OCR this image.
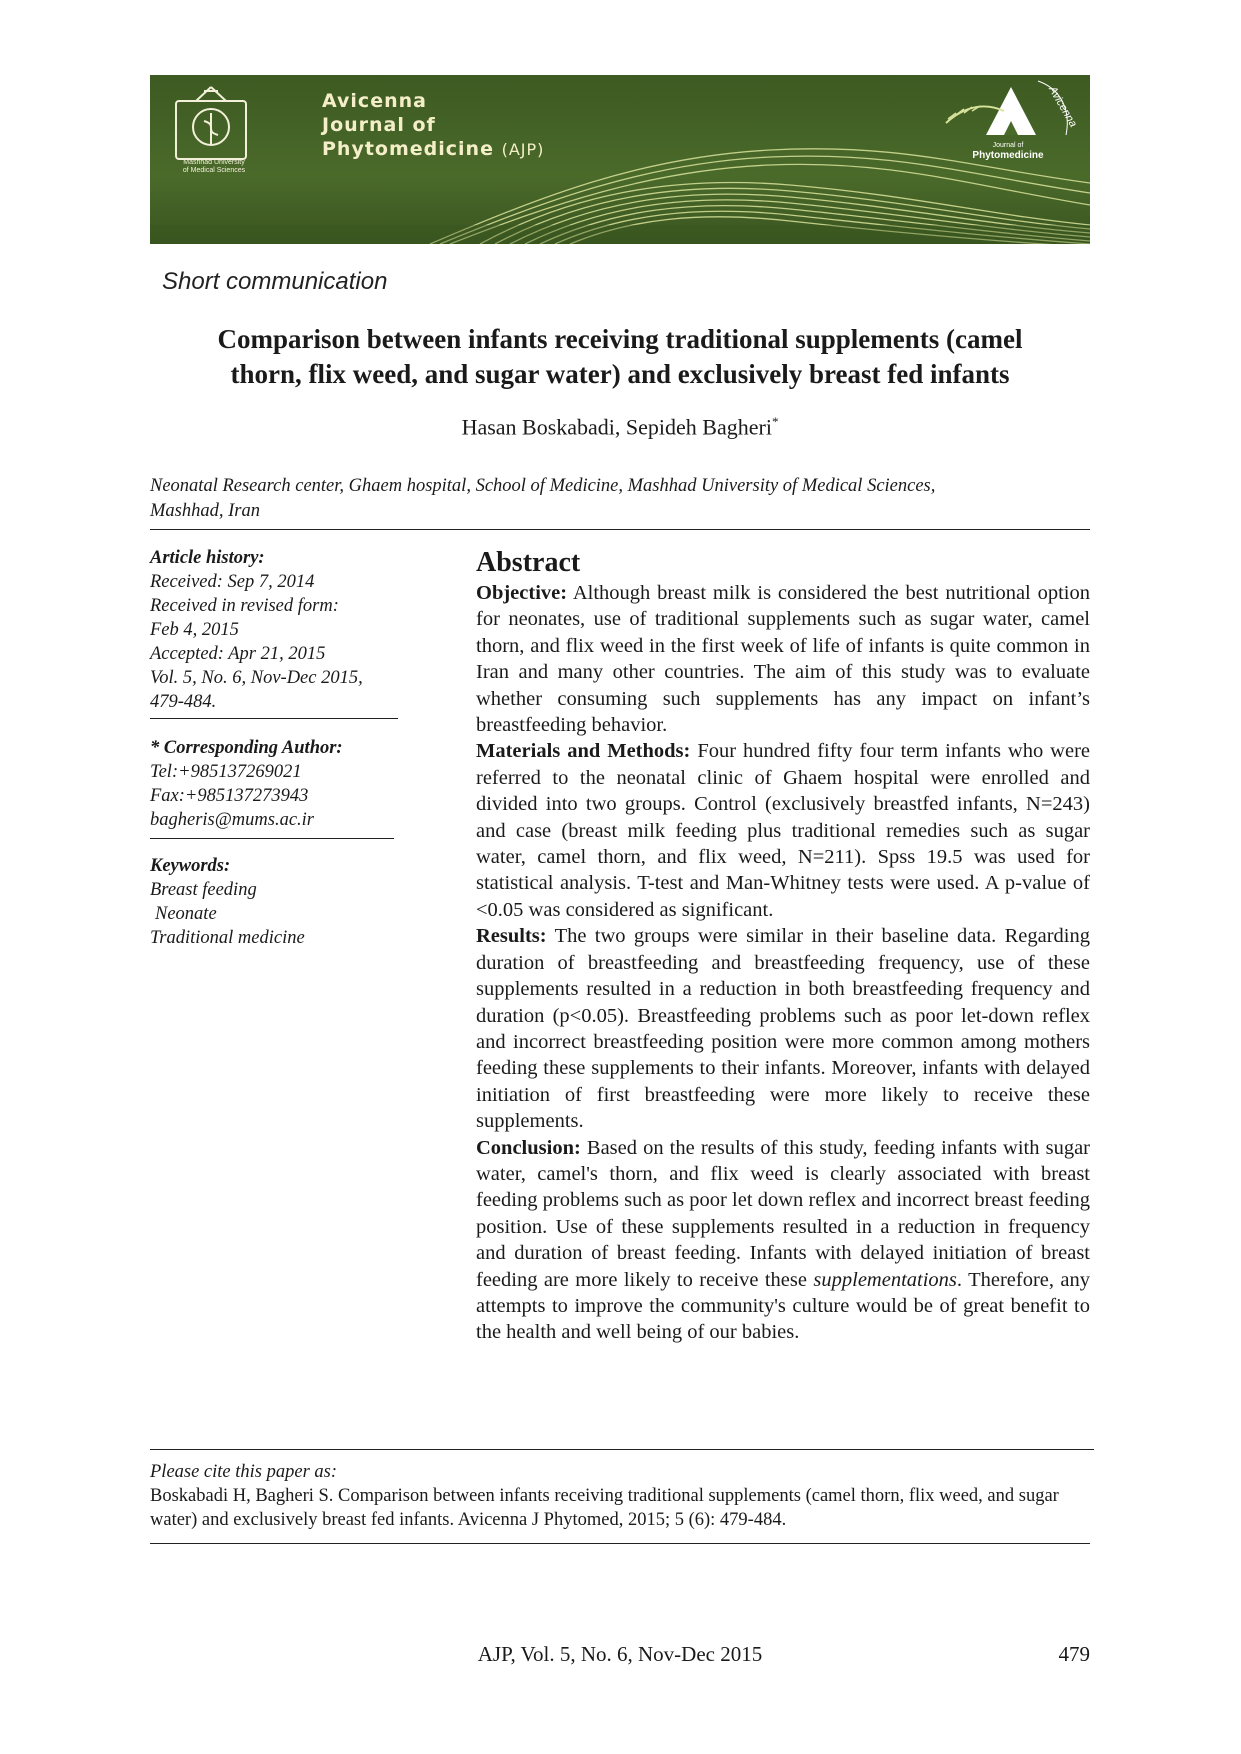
Mashhad University
of Medical Sciences
Avicenna
Journal of
Phytomedicine (AJP)
Avicenna
Journal of
Phytomedicine
Short communication
Comparison between infants receiving traditional supplements (camel
thorn, flix weed, and sugar water) and exclusively breast fed infants
Hasan Boskabadi, Sepideh Bagheri*
Neonatal Research center, Ghaem hospital, School of Medicine, Mashhad University of Medical Sciences,
Mashhad, Iran
Article history:
Received: Sep 7, 2014
Received in revised form:
Feb 4, 2015
Accepted: Apr 21, 2015
Vol. 5, No. 6, Nov-Dec 2015,
479-484.
* Corresponding Author:
Tel:+985137269021
Fax:+985137273943
bagheris@mums.ac.ir
Keywords:
Breast feeding
Neonate
Traditional medicine
Abstract

Objective: Although breast milk is considered the best nutritional option for neonates, use of traditional supplements such as sugar water, camel thorn, and flix weed in the first week of life of infants is quite common in Iran and many other countries. The aim of this study was to evaluate whether consuming such supplements has any impact on infant’s breastfeeding behavior.

Materials and Methods: Four hundred fifty four term infants who were referred to the neonatal clinic of Ghaem hospital were enrolled and divided into two groups. Control (exclusively breastfed infants, N=243) and case (breast milk feeding plus traditional remedies such as sugar water, camel thorn, and flix weed, N=211). Spss 19.5 was used for statistical analysis. T-test and Man-Whitney tests were used. A p-value of <0.05 was considered as significant.

Results: The two groups were similar in their baseline data. Regarding duration of breastfeeding and breastfeeding frequency, use of these supplements resulted in a reduction in both breastfeeding frequency and duration (p<0.05). Breastfeeding problems such as poor let-down reflex and incorrect breastfeeding position were more common among mothers feeding these supplements to their infants. Moreover, infants with delayed initiation of first breastfeeding were more likely to receive these supplements.

Conclusion: Based on the results of this study, feeding infants with sugar water, camel's thorn, and flix weed is clearly associated with breast feeding problems such as poor let down reflex and incorrect breast feeding position. Use of these supplements resulted in a reduction in frequency and duration of breast feeding. Infants with delayed initiation of breast feeding are more likely to receive these supplementations. Therefore, any attempts to improve the community's culture would be of great benefit to the health and well being of our babies.

Please cite this paper as:
Boskabadi H, Bagheri S. Comparison between infants receiving traditional supplements (camel thorn, flix weed, and sugar water) and exclusively breast fed infants. Avicenna J Phytomed, 2015; 5 (6): 479-484.
AJP, Vol. 5, No. 6, Nov-Dec 2015	479
